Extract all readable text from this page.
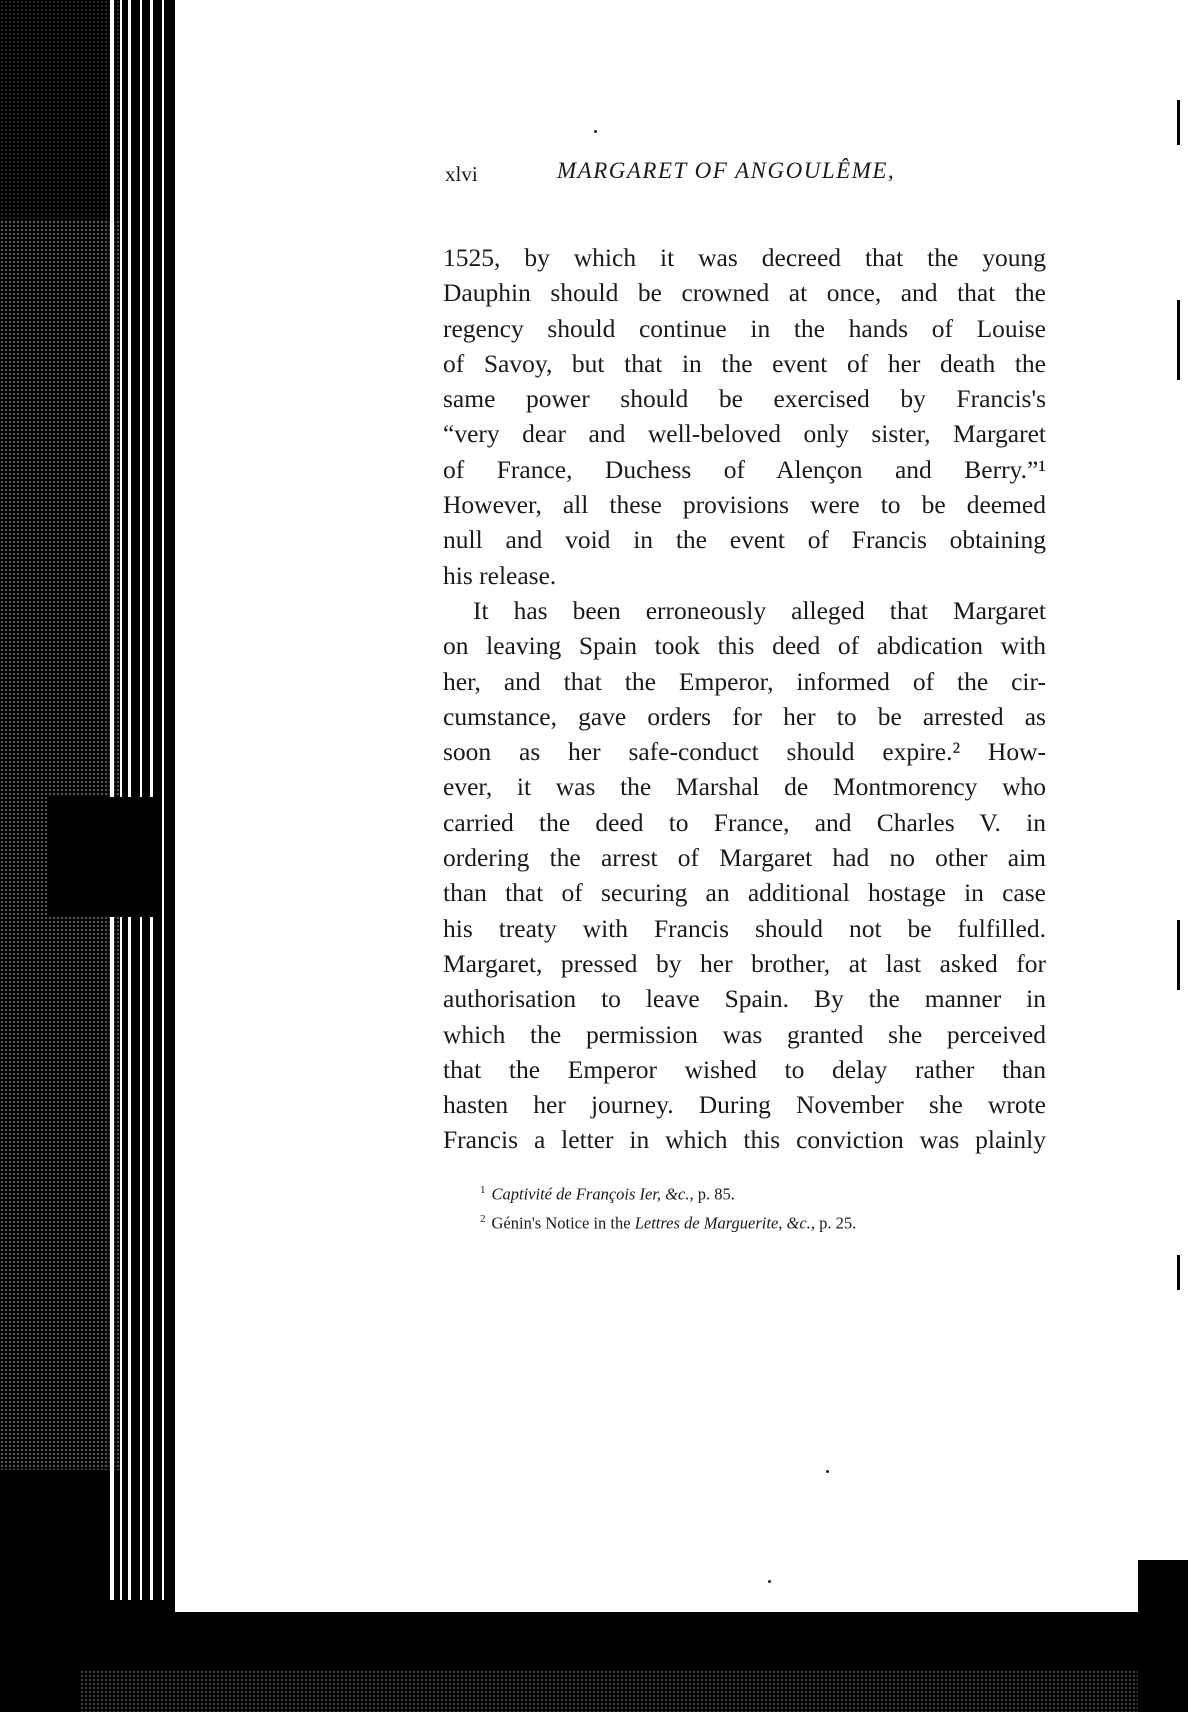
xlvi	MARGARET OF ANGOULÊME,
1525, by which it was decreed that the young
Dauphin should be crowned at once, and that the
regency should continue in the hands of Louise
of Savoy, but that in the event of her death the
same power should be exercised by Francis's
“very dear and well-beloved only sister, Margaret
of France, Duchess of Alençon and Berry.”¹
However, all these provisions were to be deemed
null and void in the event of Francis obtaining
his release.
It has been erroneously alleged that Margaret
on leaving Spain took this deed of abdication with
her, and that the Emperor, informed of the cir-
cumstance, gave orders for her to be arrested as
soon as her safe-conduct should expire.² How-
ever, it was the Marshal de Montmorency who
carried the deed to France, and Charles V. in
ordering the arrest of Margaret had no other aim
than that of securing an additional hostage in case
his treaty with Francis should not be fulfilled.
Margaret, pressed by her brother, at last asked for
authorisation to leave Spain. By the manner in
which the permission was granted she perceived
that the Emperor wished to delay rather than
hasten her journey. During November she wrote
Francis a letter in which this conviction was plainly
$^1$ Captivité de François Ier, &c., p. 85.
$^2$ Génin's Notice in the Lettres de Marguerite, &c., p. 25.
